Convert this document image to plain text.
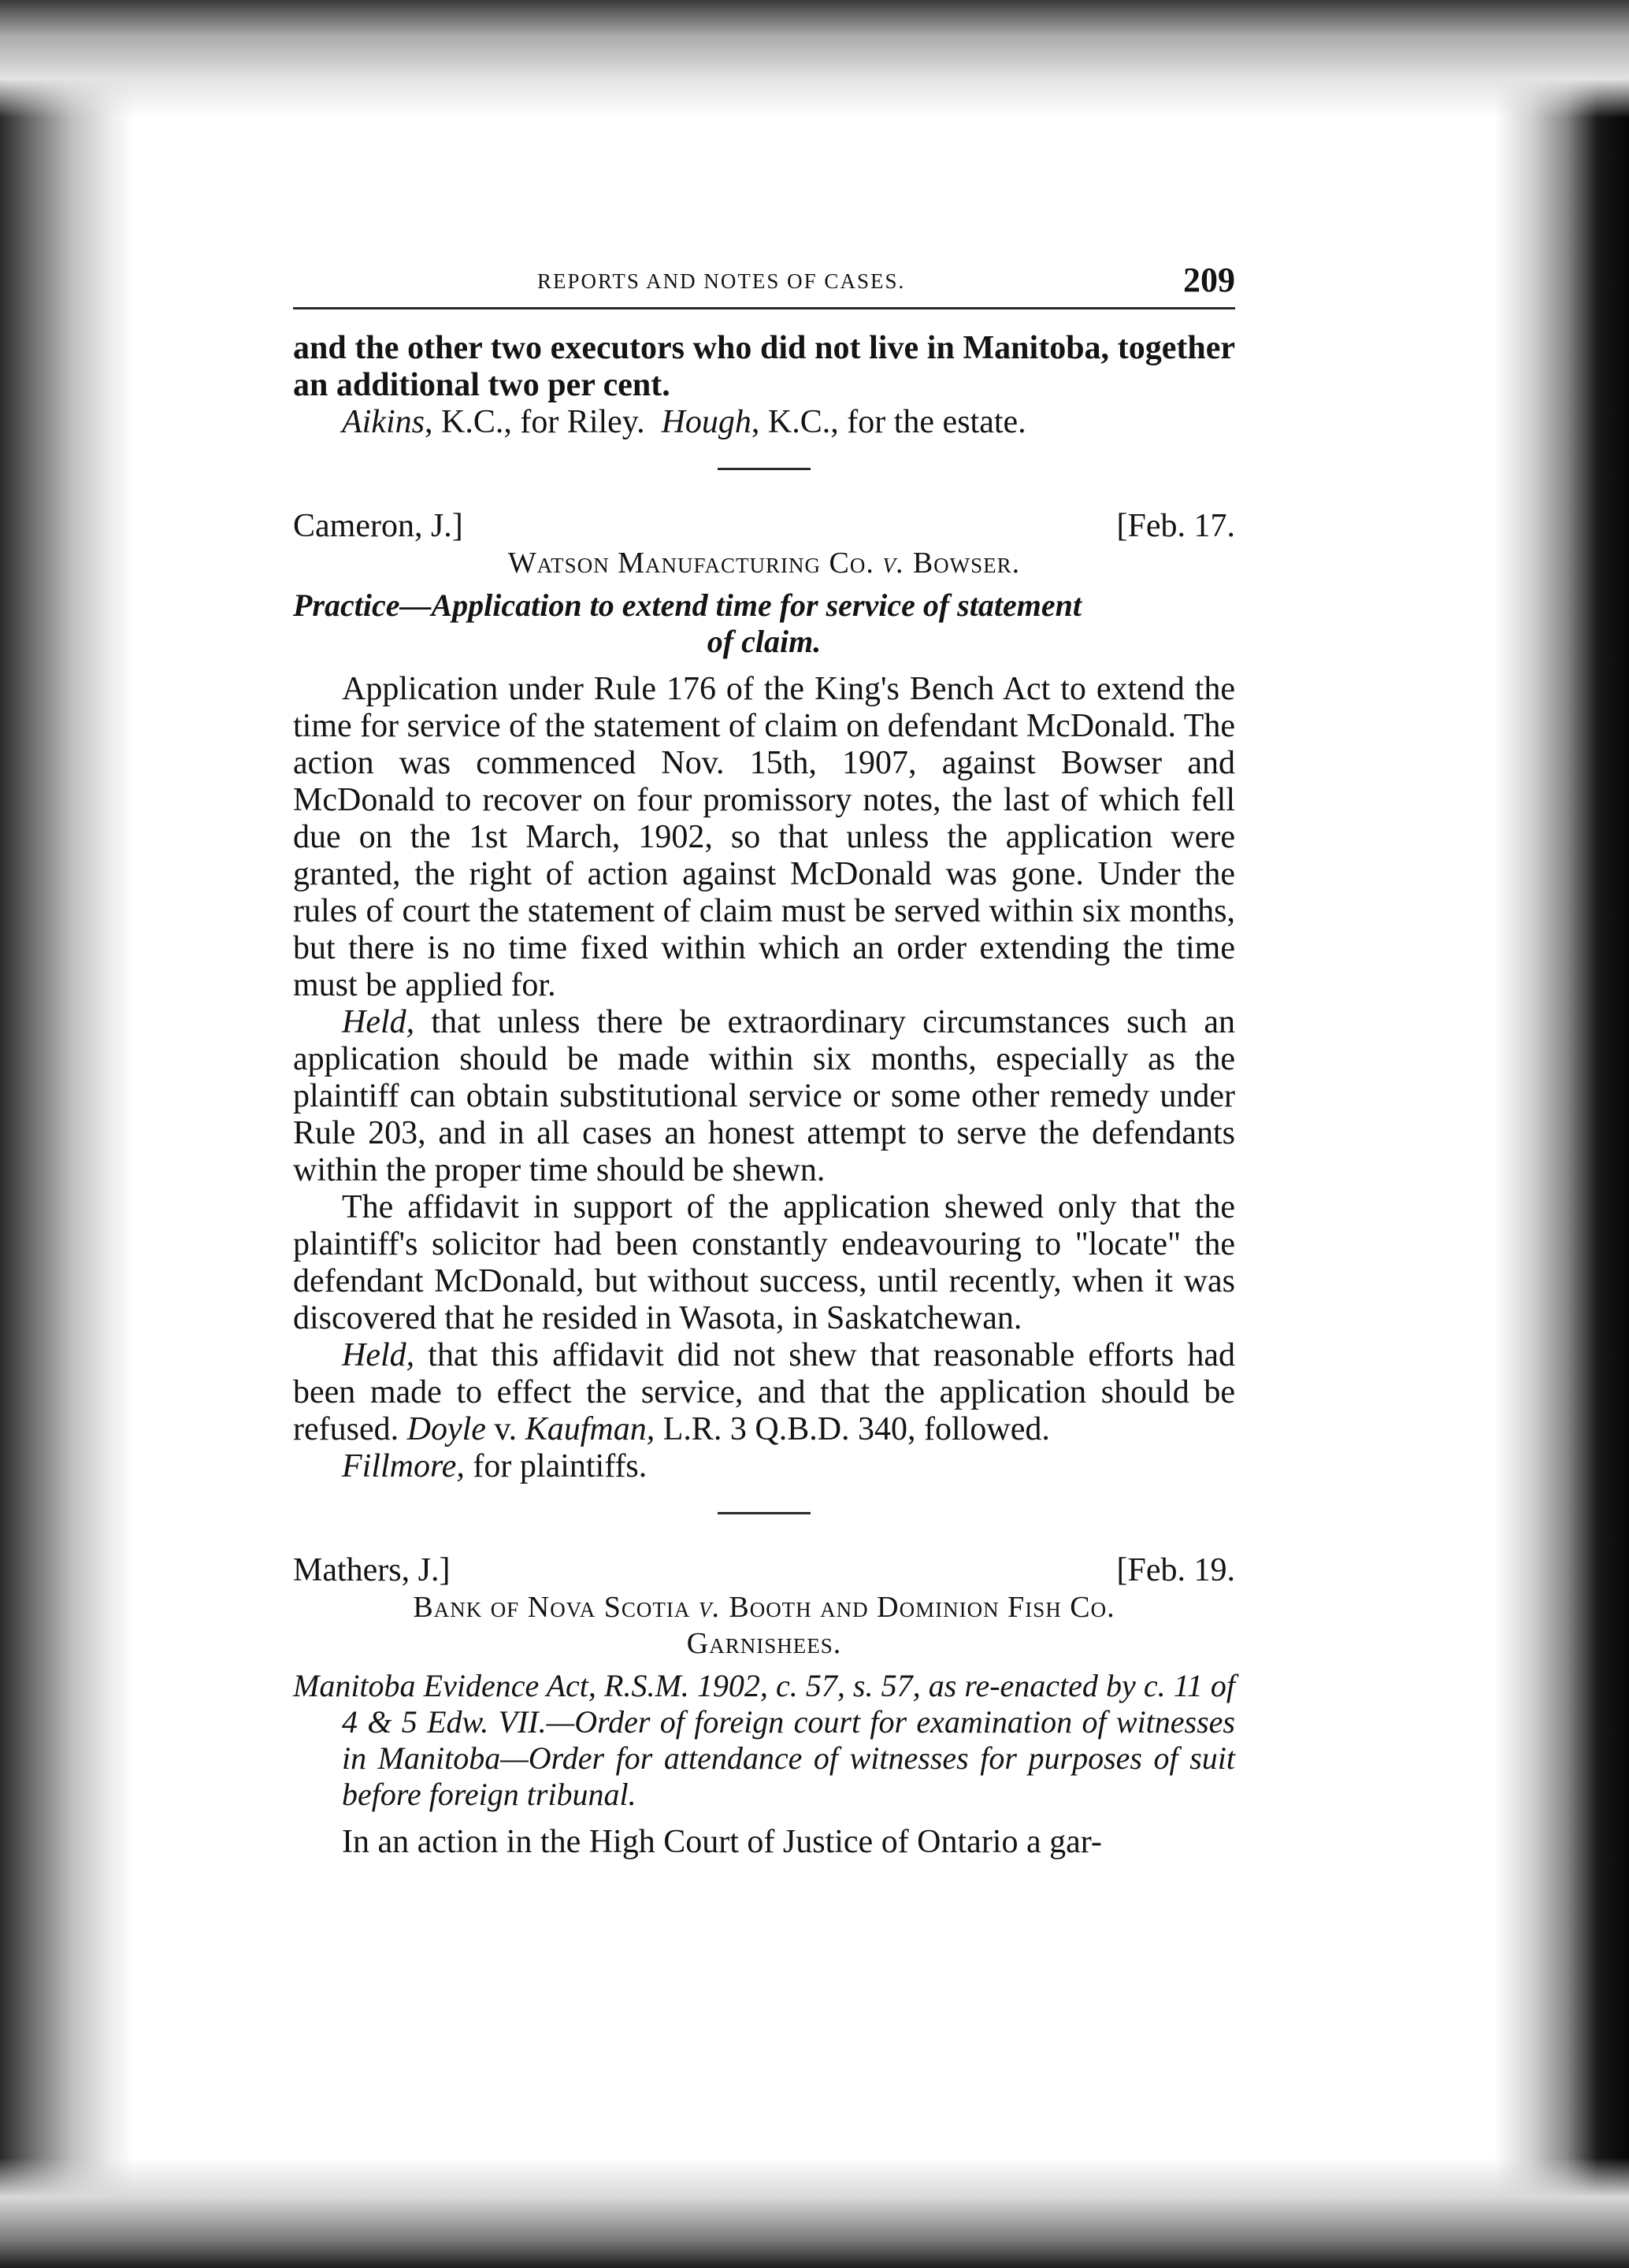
REPORTS AND NOTES OF CASES.	209

and the other two executors who did not live in Manitoba, together an additional two per cent.

Aikins, K.C., for Riley. Hough, K.C., for the estate.

Cameron, J.]	[Feb. 17.
Watson Manufacturing Co. v. Bowser.
Practice—Application to extend time for service of statement
of claim.

Application under Rule 176 of the King's Bench Act to extend the time for service of the statement of claim on defendant McDonald. The action was commenced Nov. 15th, 1907, against Bowser and McDonald to recover on four promissory notes, the last of which fell due on the 1st March, 1902, so that unless the application were granted, the right of action against McDonald was gone. Under the rules of court the statement of claim must be served within six months, but there is no time fixed within which an order extending the time must be applied for.

Held, that unless there be extraordinary circumstances such an application should be made within six months, especially as the plaintiff can obtain substitutional service or some other remedy under Rule 203, and in all cases an honest attempt to serve the defendants within the proper time should be shewn.

The affidavit in support of the application shewed only that the plaintiff's solicitor had been constantly endeavouring to "locate" the defendant McDonald, but without success, until recently, when it was discovered that he resided in Wasota, in Saskatchewan.

Held, that this affidavit did not shew that reasonable efforts had been made to effect the service, and that the application should be refused. Doyle v. Kaufman, L.R. 3 Q.B.D. 340, followed.

Fillmore, for plaintiffs.

Mathers, J.]	[Feb. 19.
Bank of Nova Scotia v. Booth and Dominion Fish Co.
Garnishees.
Manitoba Evidence Act, R.S.M. 1902, c. 57, s. 57, as re-enacted by c. 11 of 4 & 5 Edw. VII.—Order of foreign court for examination of witnesses in Manitoba—Order for attendance of witnesses for purposes of suit before foreign tribunal.

In an action in the High Court of Justice of Ontario a gar-
